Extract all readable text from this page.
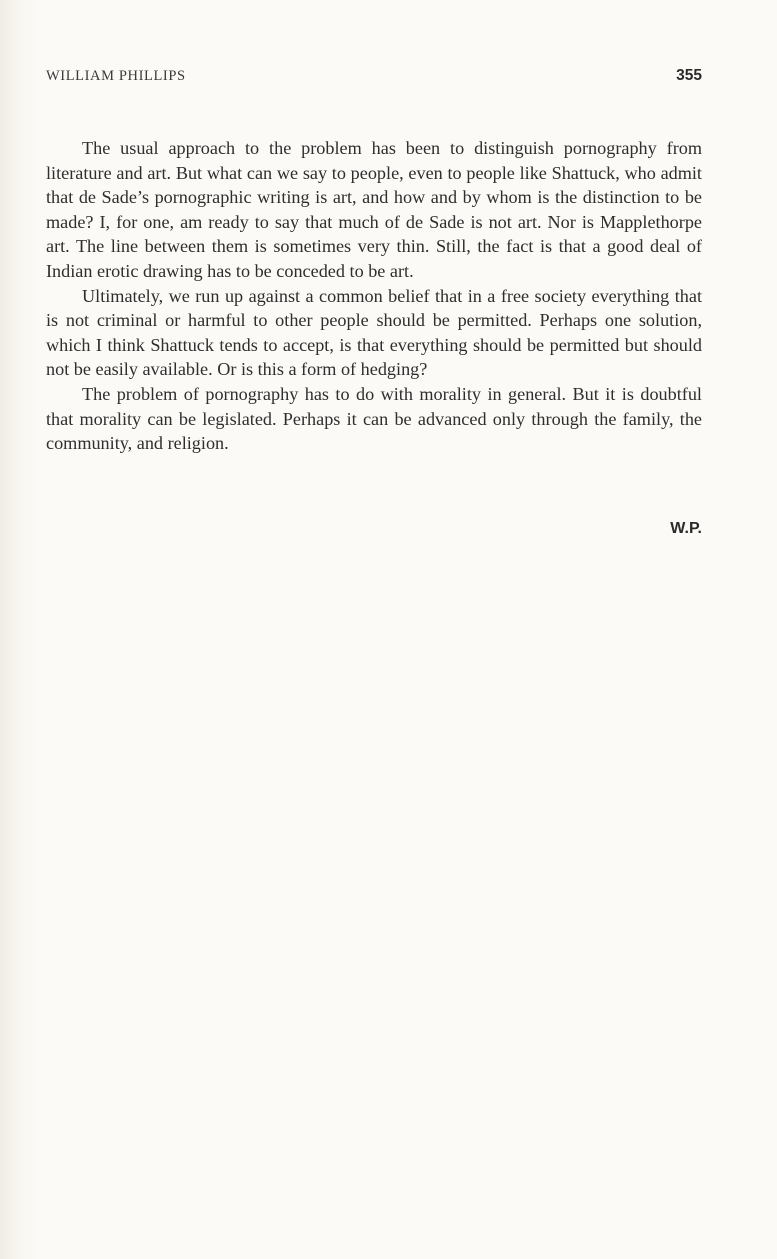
WILLIAM PHILLIPS	355

The usual approach to the problem has been to distinguish pornography from literature and art. But what can we say to people, even to people like Shattuck, who admit that de Sade’s pornographic writing is art, and how and by whom is the distinction to be made? I, for one, am ready to say that much of de Sade is not art. Nor is Mapplethorpe art. The line between them is sometimes very thin. Still, the fact is that a good deal of Indian erotic drawing has to be conceded to be art.

Ultimately, we run up against a common belief that in a free society everything that is not criminal or harmful to other people should be permitted. Perhaps one solution, which I think Shattuck tends to accept, is that everything should be permitted but should not be easily available. Or is this a form of hedging?

The problem of pornography has to do with morality in general. But it is doubtful that morality can be legislated. Perhaps it can be advanced only through the family, the community, and religion.

W.P.
